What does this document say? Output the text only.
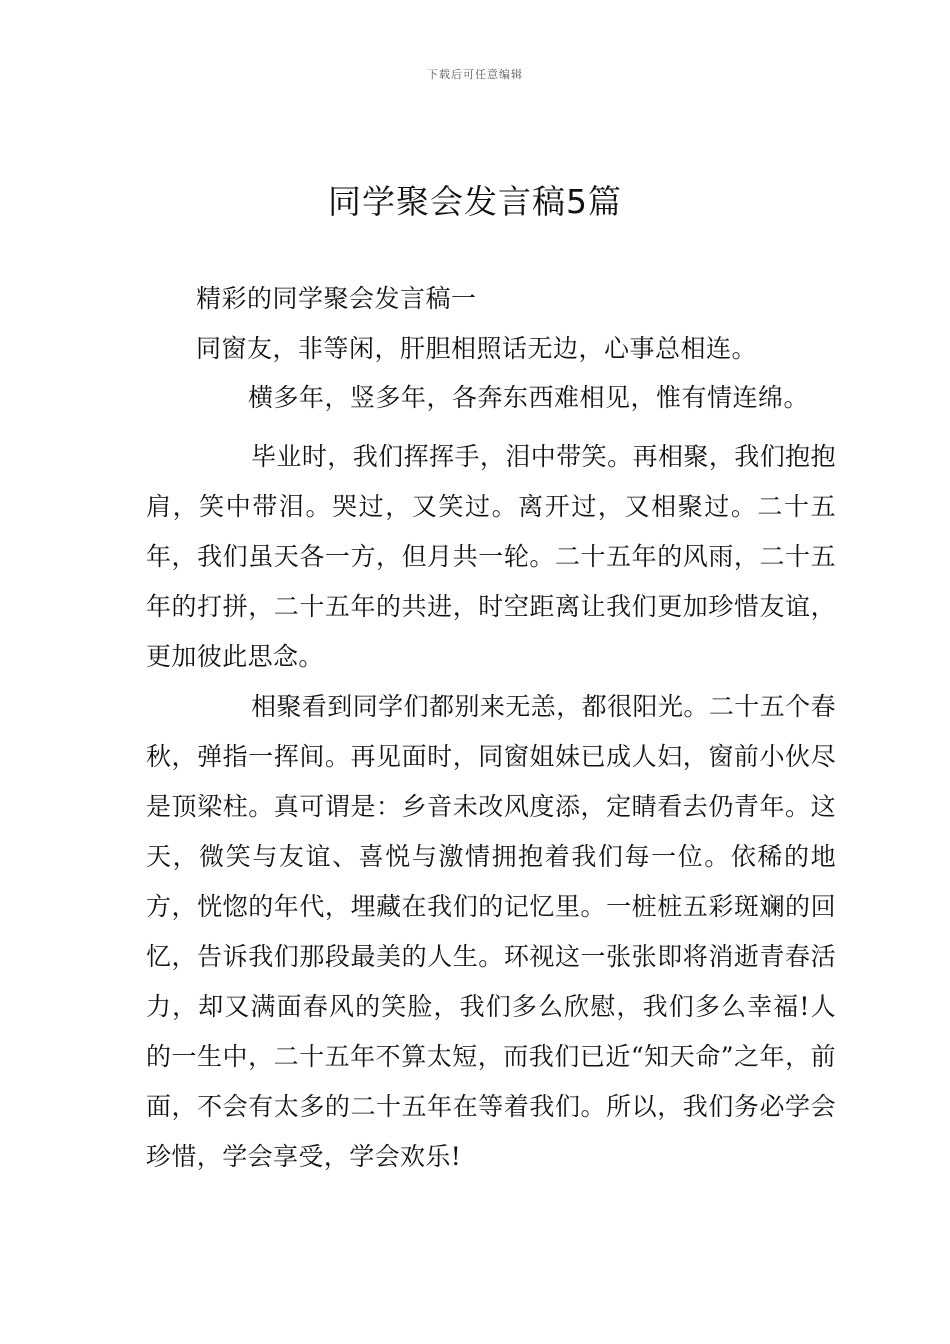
下载后可任意编辑
同学聚会发言稿5篇
精彩的同学聚会发言稿一
同窗友，非等闲，肝胆相照话无边，心事总相连。
横多年，竖多年，各奔东西难相见，惟有情连绵。

毕业时，我们挥挥手，泪中带笑。再相聚，我们抱抱肩，笑中带泪。哭过，又笑过。离开过，又相聚过。二十五年，我们虽天各一方，但月共一轮。二十五年的风雨，二十五年的打拼，二十五年的共进，时空距离让我们更加珍惜友谊，更加彼此思念。

相聚看到同学们都别来无恙，都很阳光。二十五个春秋，弹指一挥间。再见面时，同窗姐妹已成人妇，窗前小伙尽是顶梁柱。真可谓是：乡音未改风度添，定睛看去仍青年。这天，微笑与友谊、喜悦与激情拥抱着我们每一位。依稀的地方，恍惚的年代，埋藏在我们的记忆里。一桩桩五彩斑斓的回忆，告诉我们那段最美的人生。环视这一张张即将消逝青春活力，却又满面春风的笑脸，我们多么欣慰，我们多么幸福!人的一生中，二十五年不算太短，而我们已近“知天命”之年，前面，不会有太多的二十五年在等着我们。所以，我们务必学会珍惜，学会享受，学会欢乐!
